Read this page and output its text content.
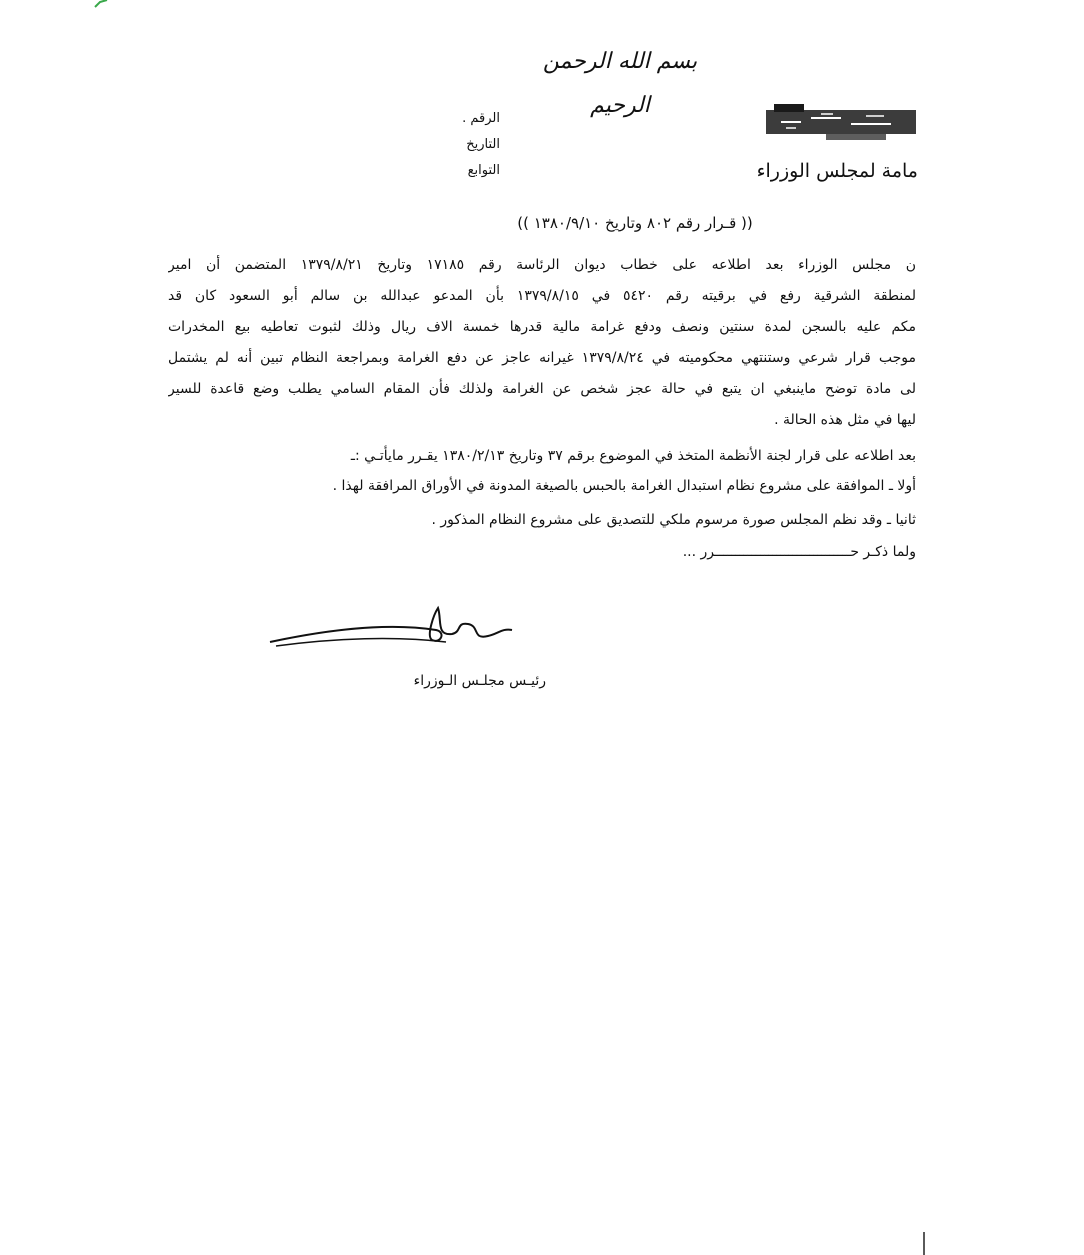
بسم الله الرحمن الرحيم
مامة لمجلس الوزراء
الرقم .
التاريخ
التوابع
(( قـرار رقم ٨٠٢ وتاريخ ١٣٨٠/٩/١٠ ))
ن مجلس الوزراء بعد اطلاعه على خطاب ديوان الرئاسة رقم ١٧١٨٥ وتاريخ ١٣٧٩/٨/٢١ المتضمن أن امير
لمنطقة الشرقية رفع في برقيته رقم ٥٤٢٠ في ١٣٧٩/٨/١٥ بأن المدعو عبدالله بن سالم أبو السعود كان قد
مكم عليه بالسجن لمدة سنتين ونصف ودفع غرامة مالية قدرها خمسة الاف ريال وذلك لثبوت تعاطيه بيع المخدرات
موجب قرار شرعي وستنتهي محكوميته في ١٣٧٩/٨/٢٤ غيرانه عاجز عن دفع الغرامة وبمراجعة النظام تبين أنه لم يشتمل
لى مادة توضح ماينبغي ان يتبع في حالة عجز شخص عن الغرامة ولذلك فأن المقام السامي يطلب وضع قاعدة للسير
ليها في مثل هذه الحالة .
بعد اطلاعه على قرار لجنة الأنظمة المتخذ في الموضوع برقم ٣٧ وتاريخ ١٣٨٠/٢/١٣ يقـرر مايأتـي :ـ
أولا ـ الموافقة على مشروع نظام استبدال الغرامة بالحبس بالصيغة المدونة في الأوراق المرافقة لهذا .
ثانيا ـ وقد نظم المجلس صورة مرسوم ملكي للتصديق على مشروع النظام المذكور .
ولما ذكـر حـــــــــــــــــــــــــــــــــرر ...
رئيـس مجلـس الـوزراء
